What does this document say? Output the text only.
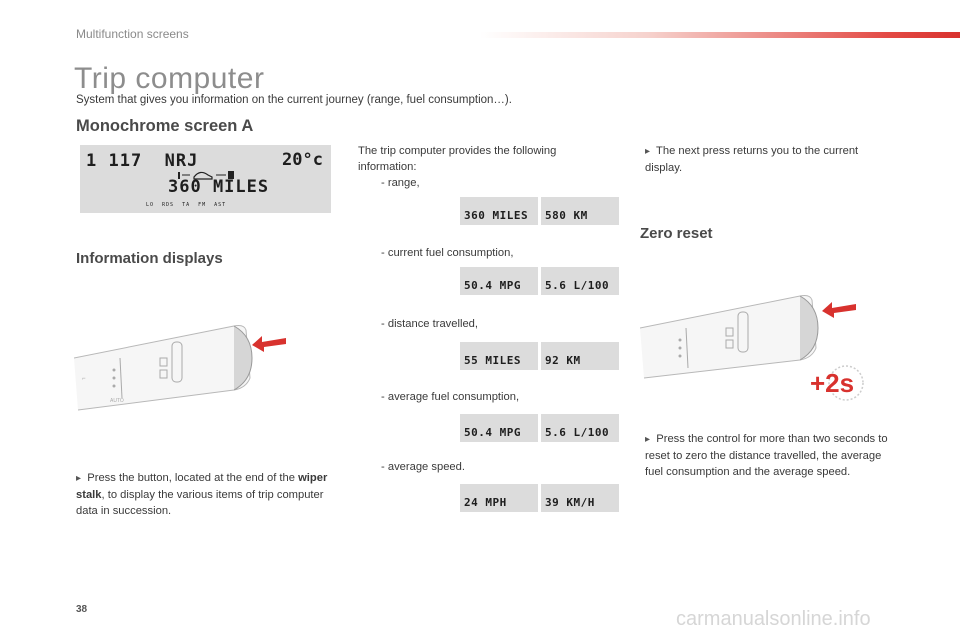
Multifunction screens
Trip computer
System that gives you information on the current journey (range, fuel consumption…).
Monochrome screen A
1 117 NRJ	20°c
360 MILES
LO RDS TA FM AST
Information displays
⌐
AUTO
▸ Press the button, located at the end of the wiper stalk, to display the various items of trip computer data in succession.
The trip computer provides the following information:
- range,
360 MILES 580 KM
- current fuel consumption,
50.4 MPG 5.6 L/100
- distance travelled,
55 MILES 92 KM
- average fuel consumption,
50.4 MPG 5.6 L/100
- average speed.
24 MPH	39 KM/H
▸ The next press returns you to the current display.
Zero reset
+2s
▸ Press the control for more than two seconds to reset to zero the distance travelled, the average fuel consumption and the average speed.
38	carmanualsonline.info
